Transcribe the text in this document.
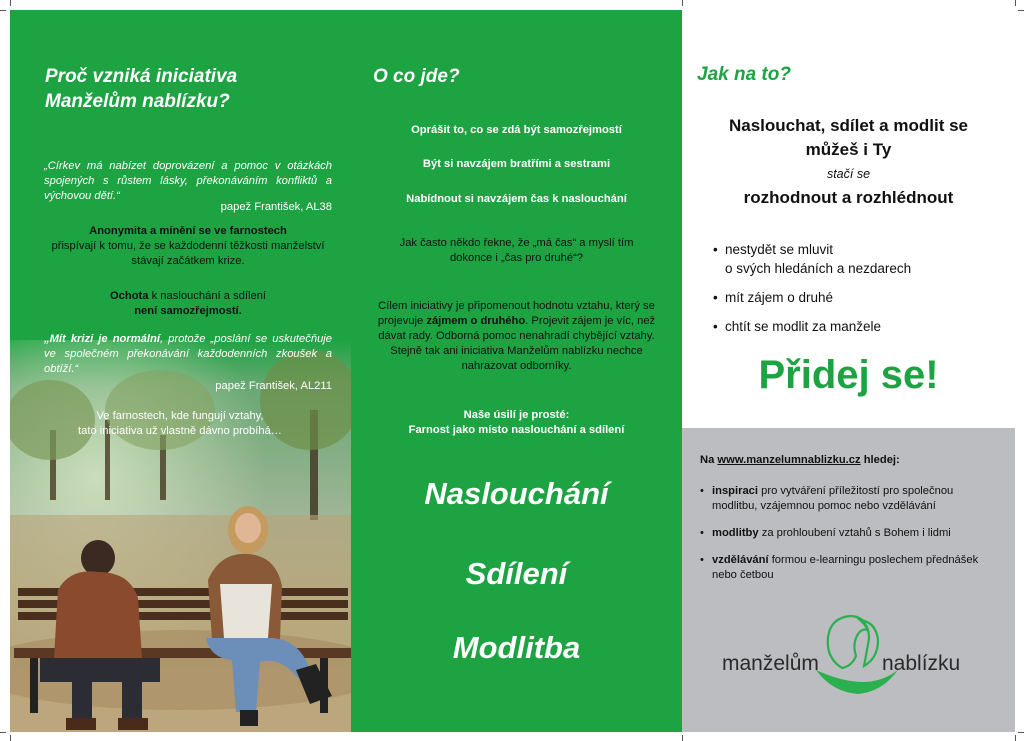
Proč vzniká iniciativa
Manželům nablízku?
„Církev má nabízet doprovázení a pomoc v otázkách spojených s růstem lásky, překonáváním konfliktů a výchovou dětí.“
papež František, AL38
Anonymita a mínění se ve farnostech
přispívají k tomu, že se každodenní těžkosti manželství stávají začátkem krize.
Ochota k naslouchání a sdílení
není samozřejmostí.
„Mít krizi je normální, protože „poslání se uskutečňuje ve společném překonávání každodenních zkoušek a obtíží.“
papež František, AL211
Ve farnostech, kde fungují vztahy,
tato iniciativa už vlastně dávno probíhá…
O co jde?
Oprášit to, co se zdá být samozřejmostí
Být si navzájem bratřími a sestrami
Nabídnout si navzájem čas k naslouchání
Jak často někdo řekne, že „má čas“ a myslí tím dokonce i „čas pro druhé“?
Cílem iniciativy je připomenout hodnotu vztahu, který se projevuje zájmem o druhého. Projevit zájem je víc, než dávat rady. Odborná pomoc nenahradí chybějící vztahy. Stejně tak ani iniciativa Manželům nablízku nechce nahrazovat odborníky.
Naše úsilí je prosté:
Farnost jako místo naslouchání a sdílení
Naslouchání
Sdílení
Modlitba
Jak na to?
Naslouchat, sdílet a modlit se
můžeš i Ty
stačí se
rozhodnout a rozhlédnout
• nestydět se mluvit
o svých hledáních a nezdarech
• mít zájem o druhé
• chtít se modlit za manžele
Přidej se!
Na www.manzelumnablizku.cz hledej:
• inspiraci pro vytváření příležitostí pro společnou modlitbu, vzájemnou pomoc nebo vzdělávání
• modlitby za prohloubení vztahů s Bohem i lidmi
• vzdělávání formou e-learningu poslechem přednášek nebo četbou
manželům	nablízku
